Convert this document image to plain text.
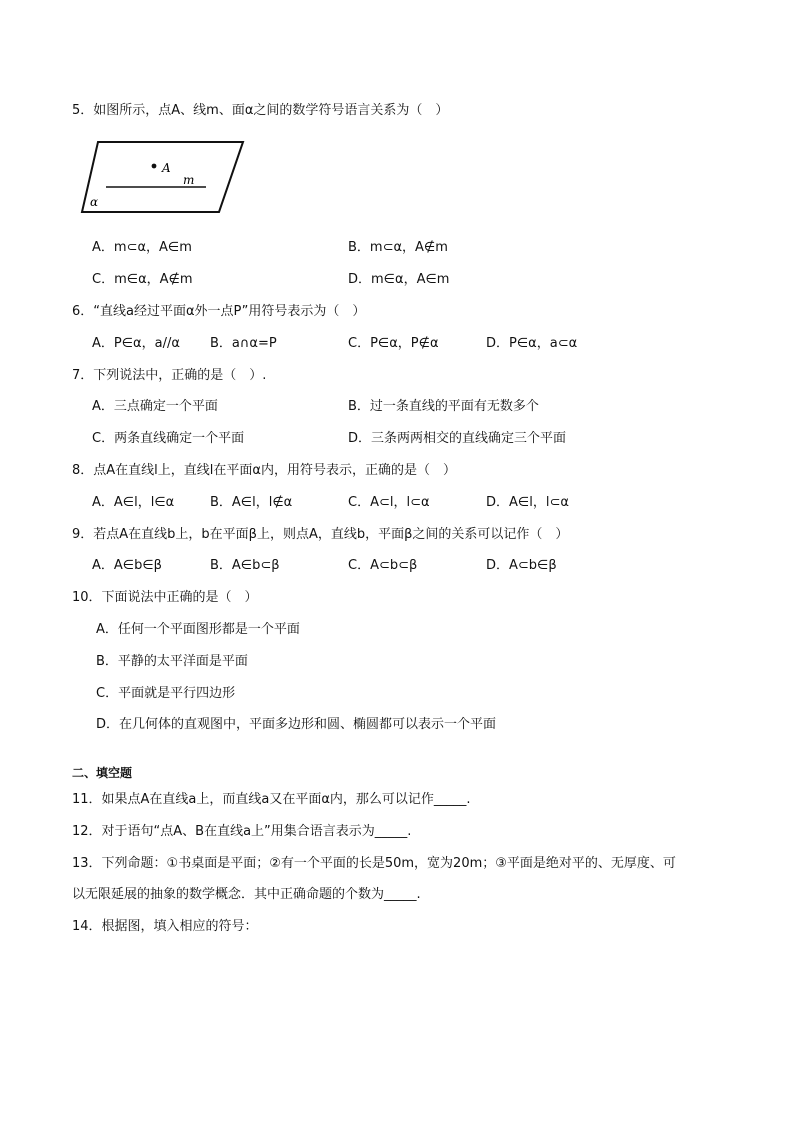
5．如图所示，点A、线m、面α之间的数学符号语言关系为（　）
A
m
α
A．m⊂α，A∈m	B．m⊂α，A∉m
C．m∈α，A∉m	D．m∈α，A∈m
6．“直线a经过平面α外一点P”用符号表示为（　）
A．P∈α，a//α B．a∩α=P	C．P∈α，P∉α	D．P∈α，a⊂α
7．下列说法中，正确的是（　）.
A．三点确定一个平面	B．过一条直线的平面有无数多个
C．两条直线确定一个平面	D．三条两两相交的直线确定三个平面
8．点A在直线l上，直线l在平面α内，用符号表示，正确的是（　）
A．A∈l，l∈α	B．A∈l，l∉α	C．A⊂l，l⊂α	D．A∈l，l⊂α
9．若点A在直线b上，b在平面β上，则点A，直线b，平面β之间的关系可以记作（　）
A．A∈b∈β	B．A∈b⊂β	C．A⊂b⊂β	D．A⊂b∈β
10．下面说法中正确的是（　）
A．任何一个平面图形都是一个平面
B．平静的太平洋面是平面
C．平面就是平行四边形
D．在几何体的直观图中，平面多边形和圆、椭圆都可以表示一个平面
二、填空题
11．如果点A在直线a上，而直线a又在平面α内，那么可以记作_____.
12．对于语句“点A、B在直线a上”用集合语言表示为_____.
13．下列命题：①书桌面是平面；②有一个平面的长是50m，宽为20m；③平面是绝对平的、无厚度、可
以无限延展的抽象的数学概念．其中正确命题的个数为_____.
14．根据图，填入相应的符号：
